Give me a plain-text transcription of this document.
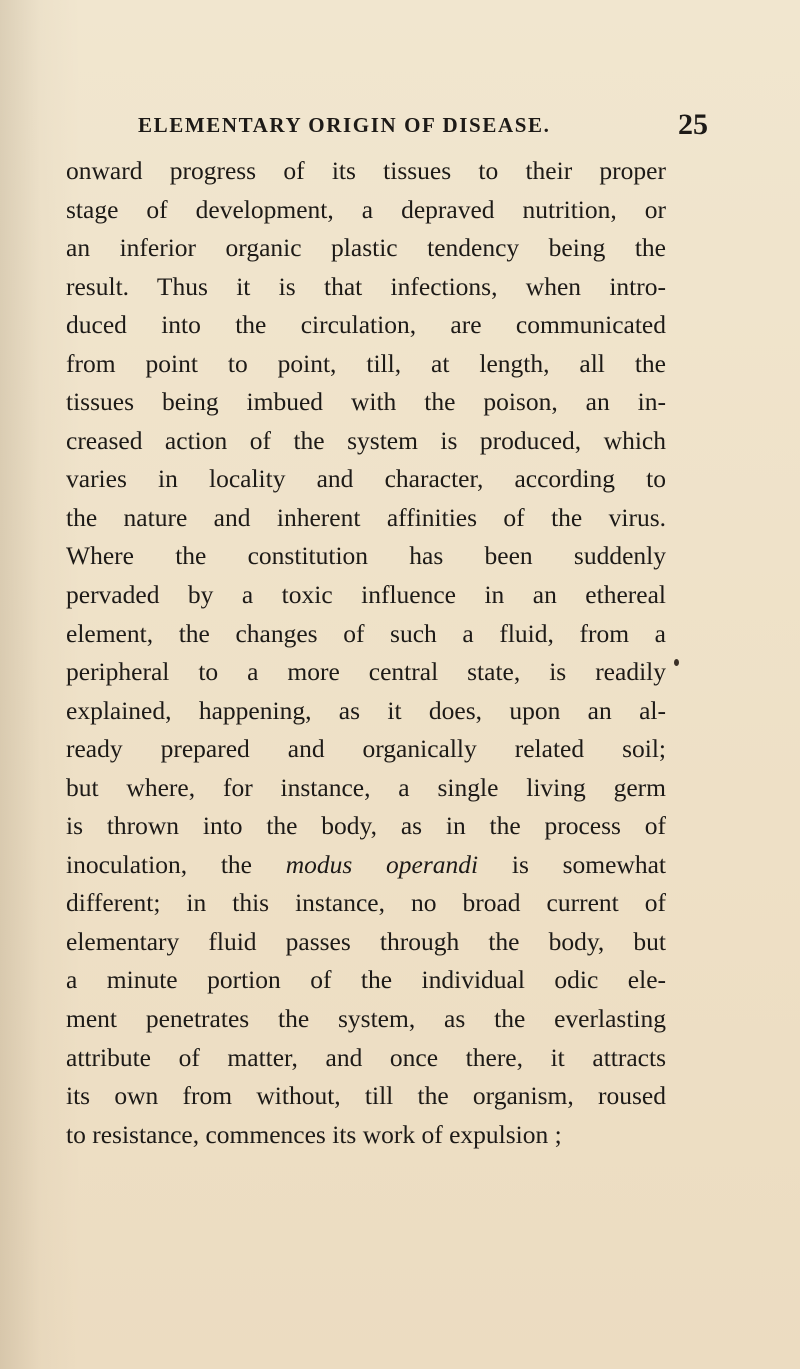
ELEMENTARY ORIGIN OF DISEASE.	25
onward progress of its tissues to their proper
stage of development, a depraved nutrition, or
an inferior organic plastic tendency being the
result. Thus it is that infections, when intro-
duced into the circulation, are communicated
from point to point, till, at length, all the
tissues being imbued with the poison, an in-
creased action of the system is produced, which
varies in locality and character, according to
the nature and inherent affinities of the virus.
Where the constitution has been suddenly
pervaded by a toxic influence in an ethereal
element, the changes of such a fluid, from a
peripheral to a more central state, is readily
explained, happening, as it does, upon an al-
ready prepared and organically related soil;
but where, for instance, a single living germ
is thrown into the body, as in the process of
inoculation, the modus operandi is somewhat
different; in this instance, no broad current of
elementary fluid passes through the body, but
a minute portion of the individual odic ele-
ment penetrates the system, as the everlasting
attribute of matter, and once there, it attracts
its own from without, till the organism, roused
to resistance, commences its work of expulsion ;
